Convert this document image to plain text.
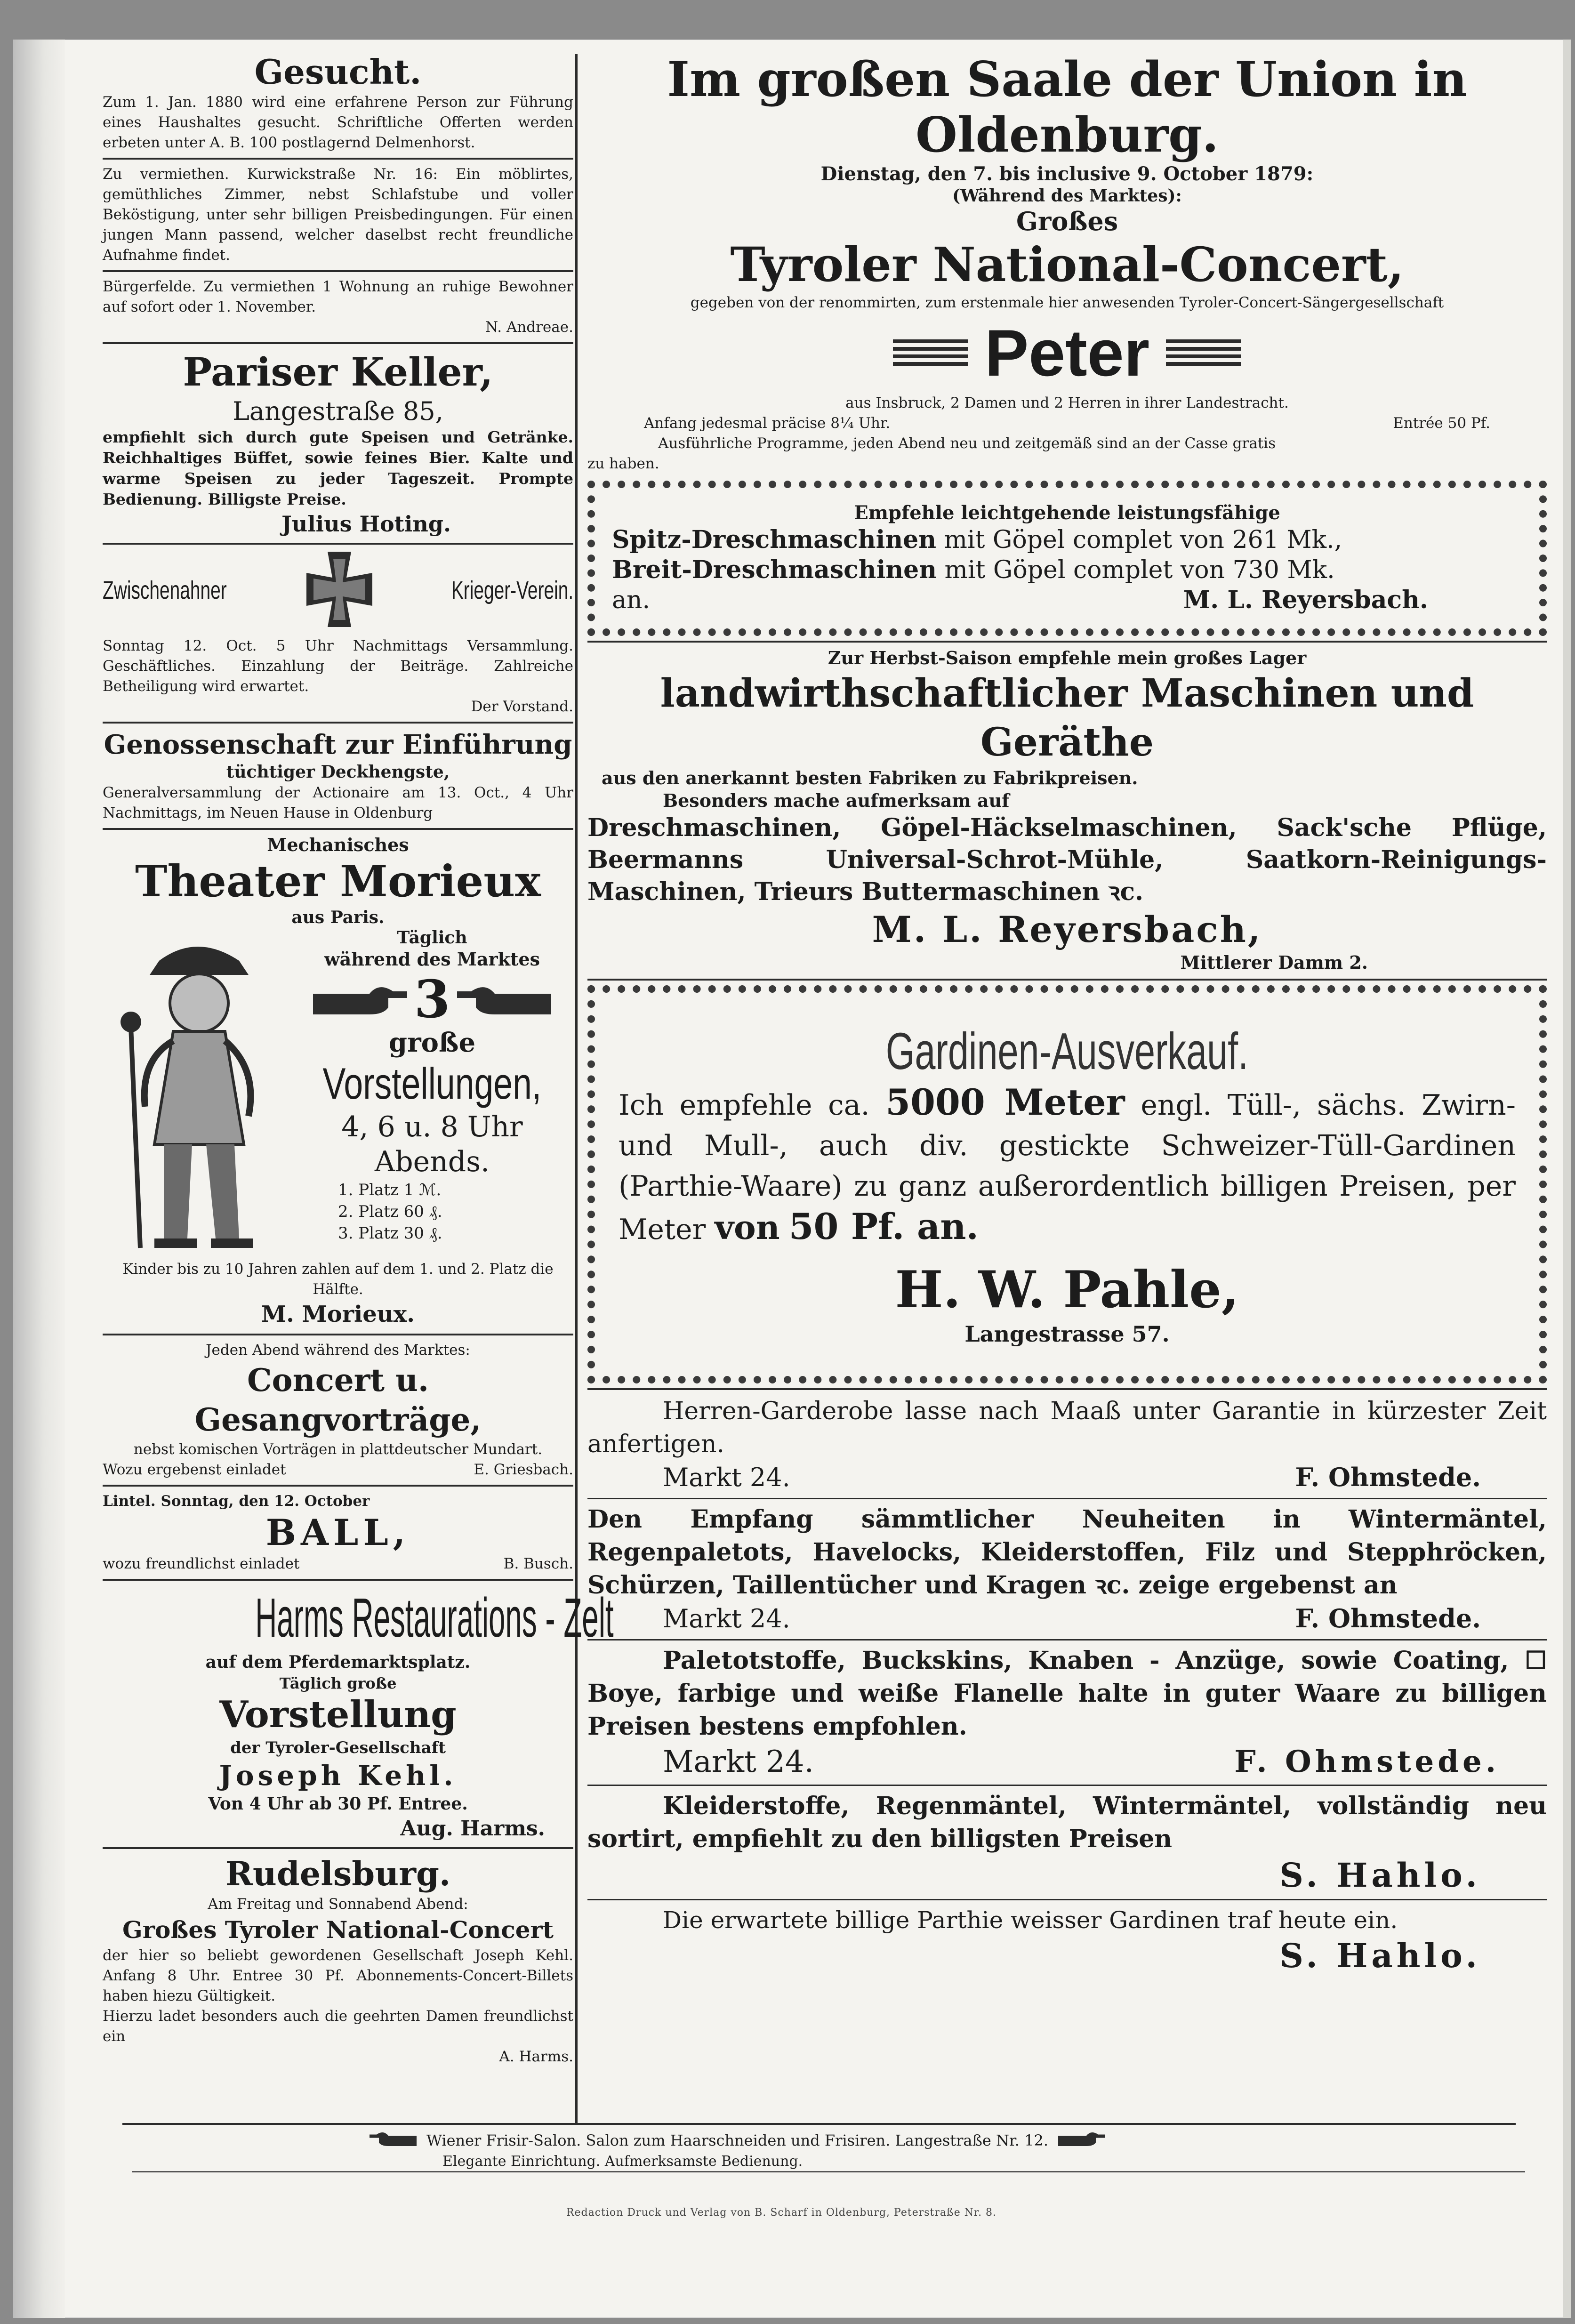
Gesucht.
Zum 1. Jan. 1880 wird eine erfahrene Person zur Führung eines Haushaltes gesucht. Schriftliche Offerten werden erbeten unter A. B. 100 postlagernd Delmenhorst.
Zu vermiethen. Kurwickstraße Nr. 16: Ein möblirtes, gemüthliches Zimmer, nebst Schlafstube und voller Beköstigung, unter sehr billigen Preisbedingungen. Für einen jungen Mann passend, welcher daselbst recht freundliche Aufnahme findet.
Bürgerfelde. Zu vermiethen 1 Wohnung an ruhige Bewohner auf sofort oder 1. November.
N. Andreae.
Pariser Keller,
Langestraße 85,
empfiehlt sich durch gute Speisen und Getränke. Reichhaltiges Büffet, sowie feines Bier. Kalte und warme Speisen zu jeder Tageszeit. Prompte Bedienung. Billigste Preise.
Julius Hoting.
Zwischenahner	Krieger-Verein.
Sonntag 12. Oct. 5 Uhr Nachmittags Versammlung. Geschäftliches. Einzahlung der Beiträge. Zahlreiche Betheiligung wird erwartet.
Der Vorstand.
Genossenschaft zur Einführung
tüchtiger Deckhengste,
Generalversammlung der Actionaire am 13. Oct., 4 Uhr Nachmittags, im Neuen Hause in Oldenburg
Mechanisches
Theater Morieux
aus Paris.
Täglich
während des Marktes
3
große
Vorstellungen,
4, 6 u. 8 Uhr Abends.
1. Platz 1 ℳ.
2. Platz 60 ₰.
3. Platz 30 ₰.
Kinder bis zu 10 Jahren zahlen auf dem 1. und 2. Platz die Hälfte.
M. Morieux.
Jeden Abend während des Marktes:
Concert u. Gesangvorträge,
nebst komischen Vorträgen in plattdeutscher Mundart.
Wozu ergebenst einladet	E. Griesbach.
Lintel. Sonntag, den 12. October
BALL,
wozu freundlichst einladet	B. Busch.
Harms Restaurations - Zelt
auf dem Pferdemarktsplatz.
Täglich große
Vorstellung
der Tyroler-Gesellschaft
Joseph Kehl.
Von 4 Uhr ab 30 Pf. Entree.
Aug. Harms.
Rudelsburg.
Am Freitag und Sonnabend Abend:
Großes Tyroler National-Concert
der hier so beliebt gewordenen Gesellschaft Joseph Kehl. Anfang 8 Uhr. Entree 30 Pf. Abonnements-Concert-Billets haben hiezu Gültigkeit.
Hierzu ladet besonders auch die geehrten Damen freundlichst ein
A. Harms.
Im großen Saale der Union in Oldenburg.
Dienstag, den 7. bis inclusive 9. October 1879:
(Während des Marktes):
Großes
Tyroler National-Concert,
gegeben von der renommirten, zum erstenmale hier anwesenden Tyroler-Concert-Sängergesellschaft
Peter
aus Insbruck, 2 Damen und 2 Herren in ihrer Landestracht.
Anfang jedesmal präcise 8¼ Uhr.	Entrée 50 Pf.
Ausführliche Programme, jeden Abend neu und zeitgemäß sind an der Casse gratis
zu haben.
Empfehle leichtgehende leistungsfähige
Spitz-Dreschmaschinen mit Göpel complet von 261 Mk.,
Breit-Dreschmaschinen mit Göpel complet von 730 Mk.
an.	M. L. Reyersbach.
Zur Herbst-Saison empfehle mein großes Lager
landwirthschaftlicher Maschinen und Geräthe
aus den anerkannt besten Fabriken zu Fabrikpreisen.
Besonders mache aufmerksam auf
Dreschmaschinen, Göpel-Häckselmaschinen, Sack'sche Pflüge, Beermanns Universal-Schrot-Mühle, Saatkorn-Reinigungs-Maschinen, Trieurs Buttermaschinen ꝛc.
M. L. Reyersbach,
Mittlerer Damm 2.
Gardinen-Ausverkauf.
Ich empfehle ca. 5000 Meter engl. Tüll-, sächs. Zwirn- und Mull-, auch div. gestickte Schweizer-Tüll-Gardinen (Parthie-Waare) zu ganz außerordentlich billigen Preisen, per Meter von 50 Pf. an.
H. W. Pahle,
Langestrasse 57.
Herren-Garderobe lasse nach Maaß unter Garantie in kürzester Zeit anfertigen.
Markt 24.	F. Ohmstede.
Den Empfang sämmtlicher Neuheiten in Wintermäntel, Regenpaletots, Havelocks, Kleiderstoffen, Filz und Stepphröcken, Schürzen, Taillentücher und Kragen ꝛc. zeige ergebenst an
Markt 24.	F. Ohmstede.
Paletotstoffe, Buckskins, Knaben - Anzüge, sowie Coating, ☐ Boye, farbige und weiße Flanelle halte in guter Waare zu billigen Preisen bestens empfohlen.
Markt 24.	F. Ohmstede.
Kleiderstoffe, Regenmäntel, Wintermäntel, vollständig neu sortirt, empfiehlt zu den billigsten Preisen
S. Hahlo.
Die erwartete billige Parthie weisser Gardinen traf heute ein.
S. Hahlo.
Wiener Frisir-Salon. Salon zum Haarschneiden und Frisiren. Langestraße Nr. 12.
Elegante Einrichtung. Aufmerksamste Bedienung.
Redaction Druck und Verlag von B. Scharf in Oldenburg, Peterstraße Nr. 8.
